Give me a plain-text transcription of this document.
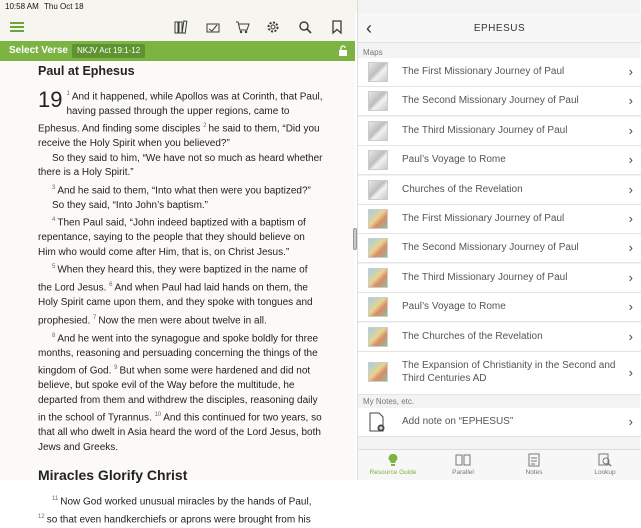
10:58 AM Thu Oct 18
Select Verse	NKJV Act 19:1-12
Paul at Ephesus

19 $^1$ And it happened, while Apollos was at Corinth, that Paul, having passed through the upper regions, came to Ephesus. And finding some disciples $^2$ he said to them, “Did you receive the Holy Spirit when you believed?”

So they said to him, “We have not so much as heard whether there is a Holy Spirit.”

$^3$ And he said to them, “Into what then were you baptized?”

So they said, “Into John’s baptism.”

$^4$ Then Paul said, “John indeed baptized with a baptism of repentance, saying to the people that they should believe on Him who would come after Him, that is, on Christ Jesus.”

$^5$ When they heard this, they were baptized in the name of the Lord Jesus. $^6$ And when Paul had laid hands on them, the Holy Spirit came upon them, and they spoke with tongues and prophesied. $^7$ Now the men were about twelve in all.

$^8$ And he went into the synagogue and spoke boldly for three months, reasoning and persuading concerning the things of the kingdom of God. $^9$ But when some were hardened and did not believe, but spoke evil of the Way before the multitude, he departed from them and withdrew the disciples, reasoning daily in the school of Tyrannus. $^{10}$ And this continued for two years, so that all who dwelt in Asia heard the word of the Lord Jesus, both Jews and Greeks.

Miracles Glorify Christ

$^{11}$ Now God worked unusual miracles by the hands of Paul,

$^{12}$ so that even handkerchiefs or aprons were brought from his

‹	EPHESUS
Maps
The First Missionary Journey of Paul	›
The Second Missionary Journey of Paul	›
The Third Missionary Journey of Paul	›
Paul’s Voyage to Rome	›
Churches of the Revelation	›
The First Missionary Journey of Paul	›
The Second Missionary Journey of Paul	›
The Third Missionary Journey of Paul	›
Paul’s Voyage to Rome	›
The Churches of the Revelation	›
The Expansion of Christianity in the Second and Third Centuries AD	›
My Notes, etc.
Add note on “EPHESUS”	›
Resource Guide	Parallel	Notes	Lookup
